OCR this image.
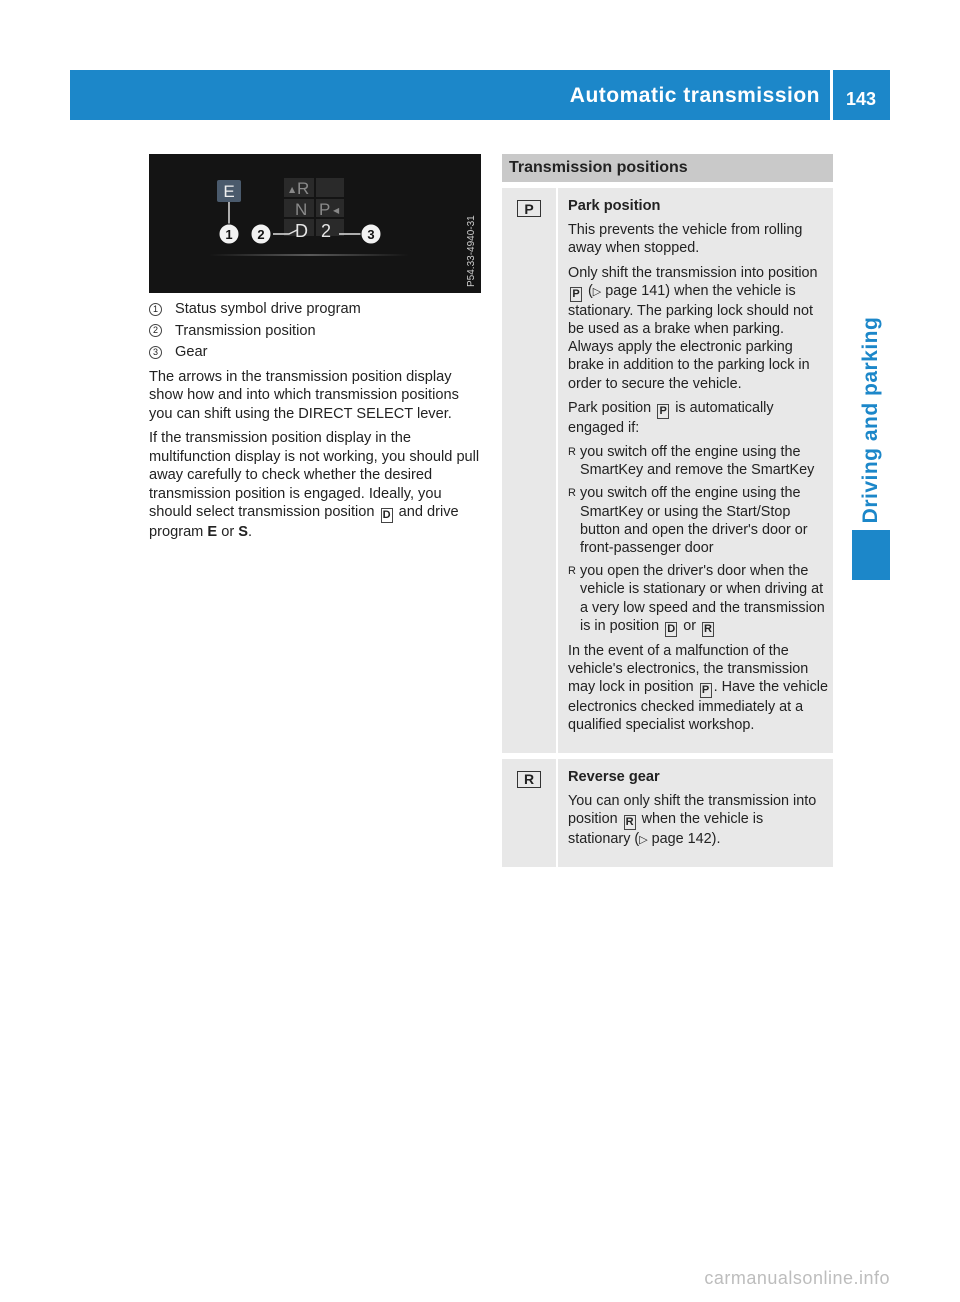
Automatic transmission 143
Driving and parking
E	▲ R
N P ◀
D 2
1 2	3	P54.33-4940-31
1 Status symbol drive program
2 Transmission position
3 Gear

The arrows in the transmission position display show how and into which transmission positions you can shift using the DIRECT SELECT lever.

If the transmission position display in the multifunction display is not working, you should pull away carefully to check whether the desired transmission position is engaged. Ideally, you should select transmission position D and drive program E or S.

Transmission positions
P	Park position

This prevents the vehicle from rolling away when stopped.

Only shift the transmission into position P (▷ page 141) when the vehicle is stationary. The parking lock should not be used as a brake when parking. Always apply the electronic parking brake in addition to the parking lock in order to secure the vehicle.

Park position P is automatically engaged if:

R you switch off the engine using the SmartKey and remove the SmartKey
R you switch off the engine using the SmartKey or using the Start/Stop button and open the driver's door or front-passenger door
R you open the driver's door when the vehicle is stationary or when driving at a very low speed and the transmission is in position D or R

In the event of a malfunction of the vehicle's electronics, the transmission may lock in position P . Have the vehicle electronics checked immediately at a qualified specialist workshop.

R	Reverse gear

You can only shift the transmission into position R when the vehicle is stationary (▷ page 142).

carmanualsonline.info
